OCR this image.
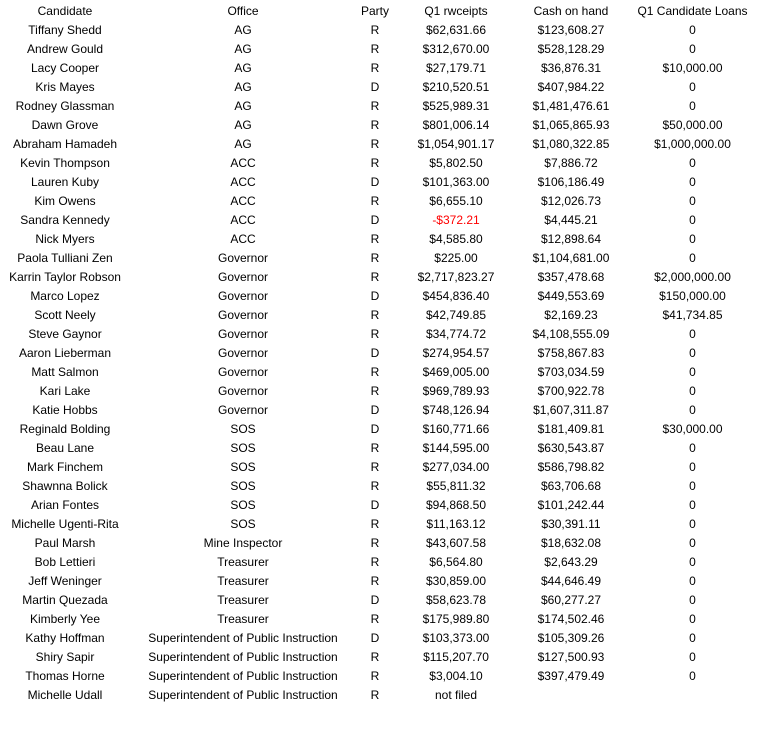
Candidate	Office	Party	Q1 rwceipts	Cash on hand	Q1 Candidate Loans
Tiffany Shedd	AG	R	$62,631.66	$123,608.27	0
Andrew Gould	AG	R	$312,670.00	$528,128.29	0
Lacy Cooper	AG	R	$27,179.71	$36,876.31	$10,000.00
Kris Mayes	AG	D	$210,520.51	$407,984.22	0
Rodney Glassman	AG	R	$525,989.31	$1,481,476.61	0
Dawn Grove	AG	R	$801,006.14	$1,065,865.93	$50,000.00
Abraham Hamadeh	AG	R	$1,054,901.17	$1,080,322.85	$1,000,000.00
Kevin Thompson	ACC	R	$5,802.50	$7,886.72	0
Lauren Kuby	ACC	D	$101,363.00	$106,186.49	0
Kim Owens	ACC	R	$6,655.10	$12,026.73	0
Sandra Kennedy	ACC	D	-$372.21	$4,445.21	0
Nick Myers	ACC	R	$4,585.80	$12,898.64	0
Paola Tulliani Zen	Governor	R	$225.00	$1,104,681.00	0
Karrin Taylor Robson	Governor	R	$2,717,823.27	$357,478.68	$2,000,000.00
Marco Lopez	Governor	D	$454,836.40	$449,553.69	$150,000.00
Scott Neely	Governor	R	$42,749.85	$2,169.23	$41,734.85
Steve Gaynor	Governor	R	$34,774.72	$4,108,555.09	0
Aaron Lieberman	Governor	D	$274,954.57	$758,867.83	0
Matt Salmon	Governor	R	$469,005.00	$703,034.59	0
Kari Lake	Governor	R	$969,789.93	$700,922.78	0
Katie Hobbs	Governor	D	$748,126.94	$1,607,311.87	0
Reginald Bolding	SOS	D	$160,771.66	$181,409.81	$30,000.00
Beau Lane	SOS	R	$144,595.00	$630,543.87	0
Mark Finchem	SOS	R	$277,034.00	$586,798.82	0
Shawnna Bolick	SOS	R	$55,811.32	$63,706.68	0
Arian Fontes	SOS	D	$94,868.50	$101,242.44	0
Michelle Ugenti-Rita	SOS	R	$11,163.12	$30,391.11	0
Paul Marsh	Mine Inspector	R	$43,607.58	$18,632.08	0
Bob Lettieri	Treasurer	R	$6,564.80	$2,643.29	0
Jeff Weninger	Treasurer	R	$30,859.00	$44,646.49	0
Martin Quezada	Treasurer	D	$58,623.78	$60,277.27	0
Kimberly Yee	Treasurer	R	$175,989.80	$174,502.46	0
Kathy Hoffman	Superintendent of Public Instruction	D	$103,373.00	$105,309.26	0
Shiry Sapir	Superintendent of Public Instruction	R	$115,207.70	$127,500.93	0
Thomas Horne	Superintendent of Public Instruction	R	$3,004.10	$397,479.49	0
Michelle Udall	Superintendent of Public Instruction	R	not filed		
